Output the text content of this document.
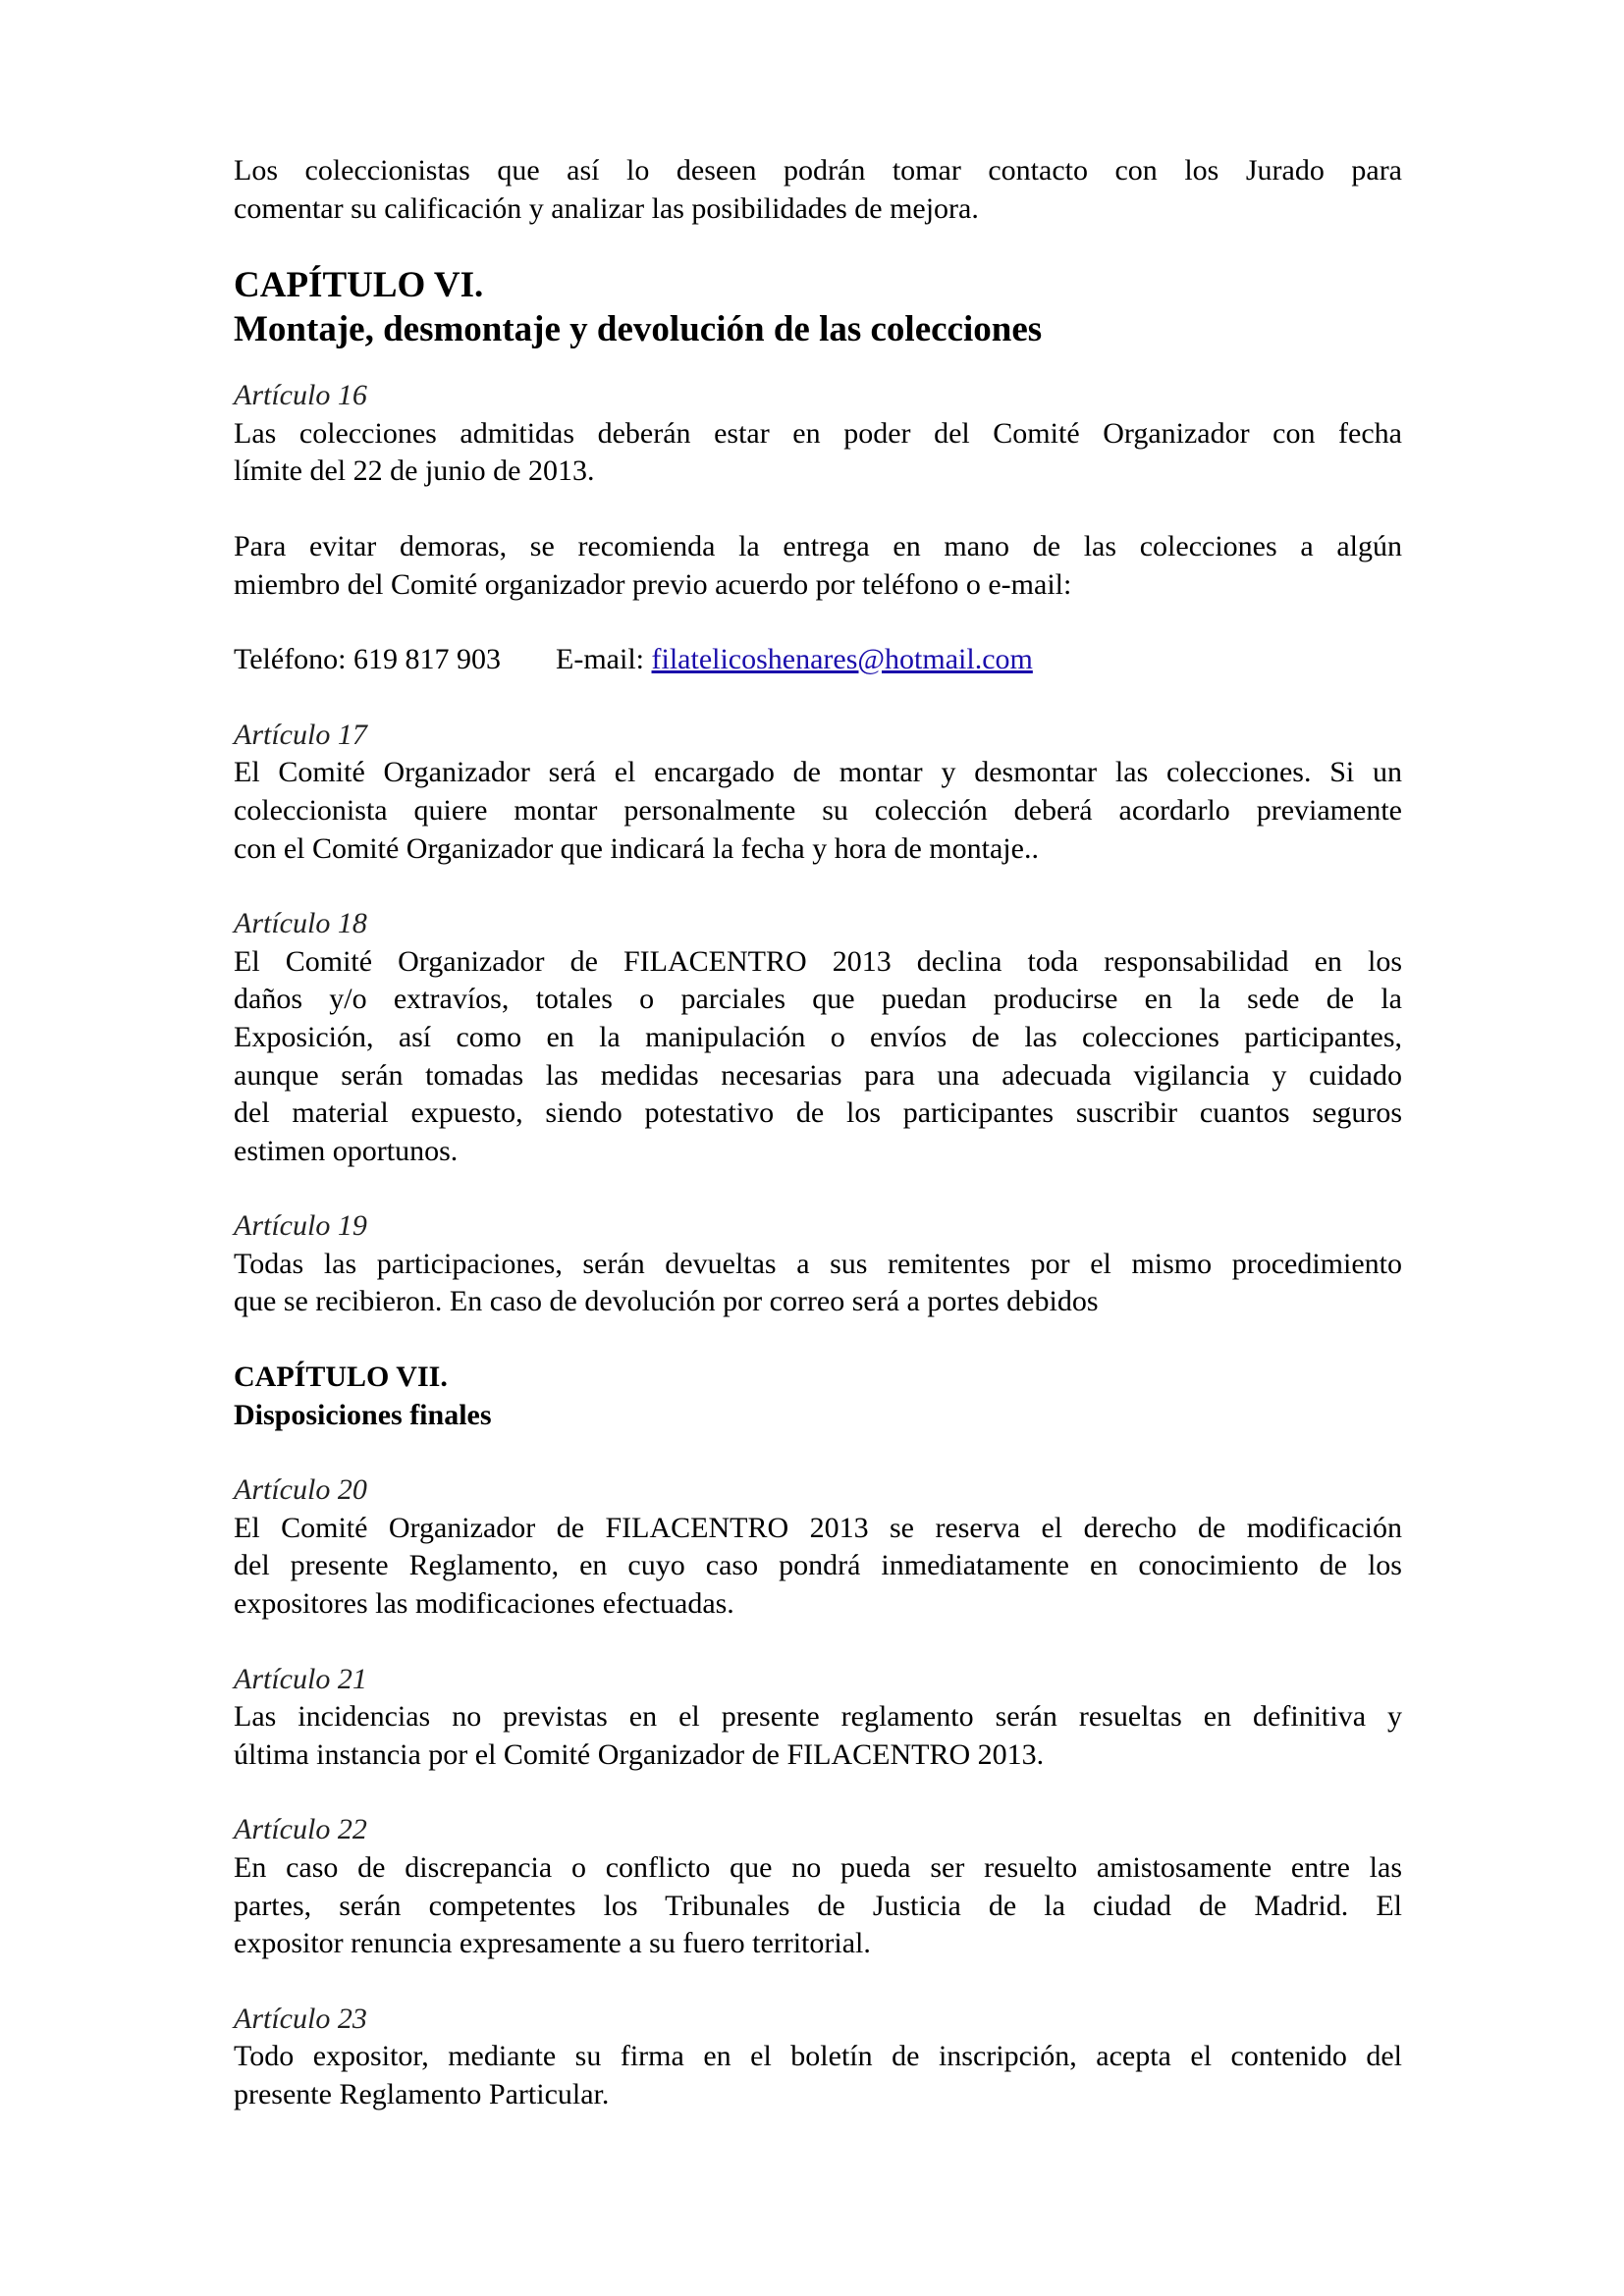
Los coleccionistas que así lo deseen podrán tomar contacto con los Jurado para

comentar su calificación y analizar las posibilidades de mejora.

CAPÍTULO VI.

Montaje, desmontaje y devolución de las colecciones

Artículo 16

Las colecciones admitidas deberán estar en poder del Comité Organizador con fecha

límite del 22 de junio de 2013.

Para evitar demoras, se recomienda la entrega en mano de las colecciones a algún

miembro del Comité organizador previo acuerdo por teléfono o e-mail:

Teléfono: 619 817 903 E-mail: filatelicoshenares@hotmail.com

Artículo 17

El Comité Organizador será el encargado de montar y desmontar las colecciones. Si un

coleccionista quiere montar personalmente su colección deberá acordarlo previamente

con el Comité Organizador que indicará la fecha y hora de montaje..

Artículo 18

El Comité Organizador de FILACENTRO 2013 declina toda responsabilidad en los

daños y/o extravíos, totales o parciales que puedan producirse en la sede de la

Exposición, así como en la manipulación o envíos de las colecciones participantes,

aunque serán tomadas las medidas necesarias para una adecuada vigilancia y cuidado

del material expuesto, siendo potestativo de los participantes suscribir cuantos seguros

estimen oportunos.

Artículo 19

Todas las participaciones, serán devueltas a sus remitentes por el mismo procedimiento

que se recibieron. En caso de devolución por correo será a portes debidos

CAPÍTULO VII.

Disposiciones finales

Artículo 20

El Comité Organizador de FILACENTRO 2013 se reserva el derecho de modificación

del presente Reglamento, en cuyo caso pondrá inmediatamente en conocimiento de los

expositores las modificaciones efectuadas.

Artículo 21

Las incidencias no previstas en el presente reglamento serán resueltas en definitiva y

última instancia por el Comité Organizador de FILACENTRO 2013.

Artículo 22

En caso de discrepancia o conflicto que no pueda ser resuelto amistosamente entre las

partes, serán competentes los Tribunales de Justicia de la ciudad de Madrid. El

expositor renuncia expresamente a su fuero territorial.

Artículo 23

Todo expositor, mediante su firma en el boletín de inscripción, acepta el contenido del

presente Reglamento Particular.
